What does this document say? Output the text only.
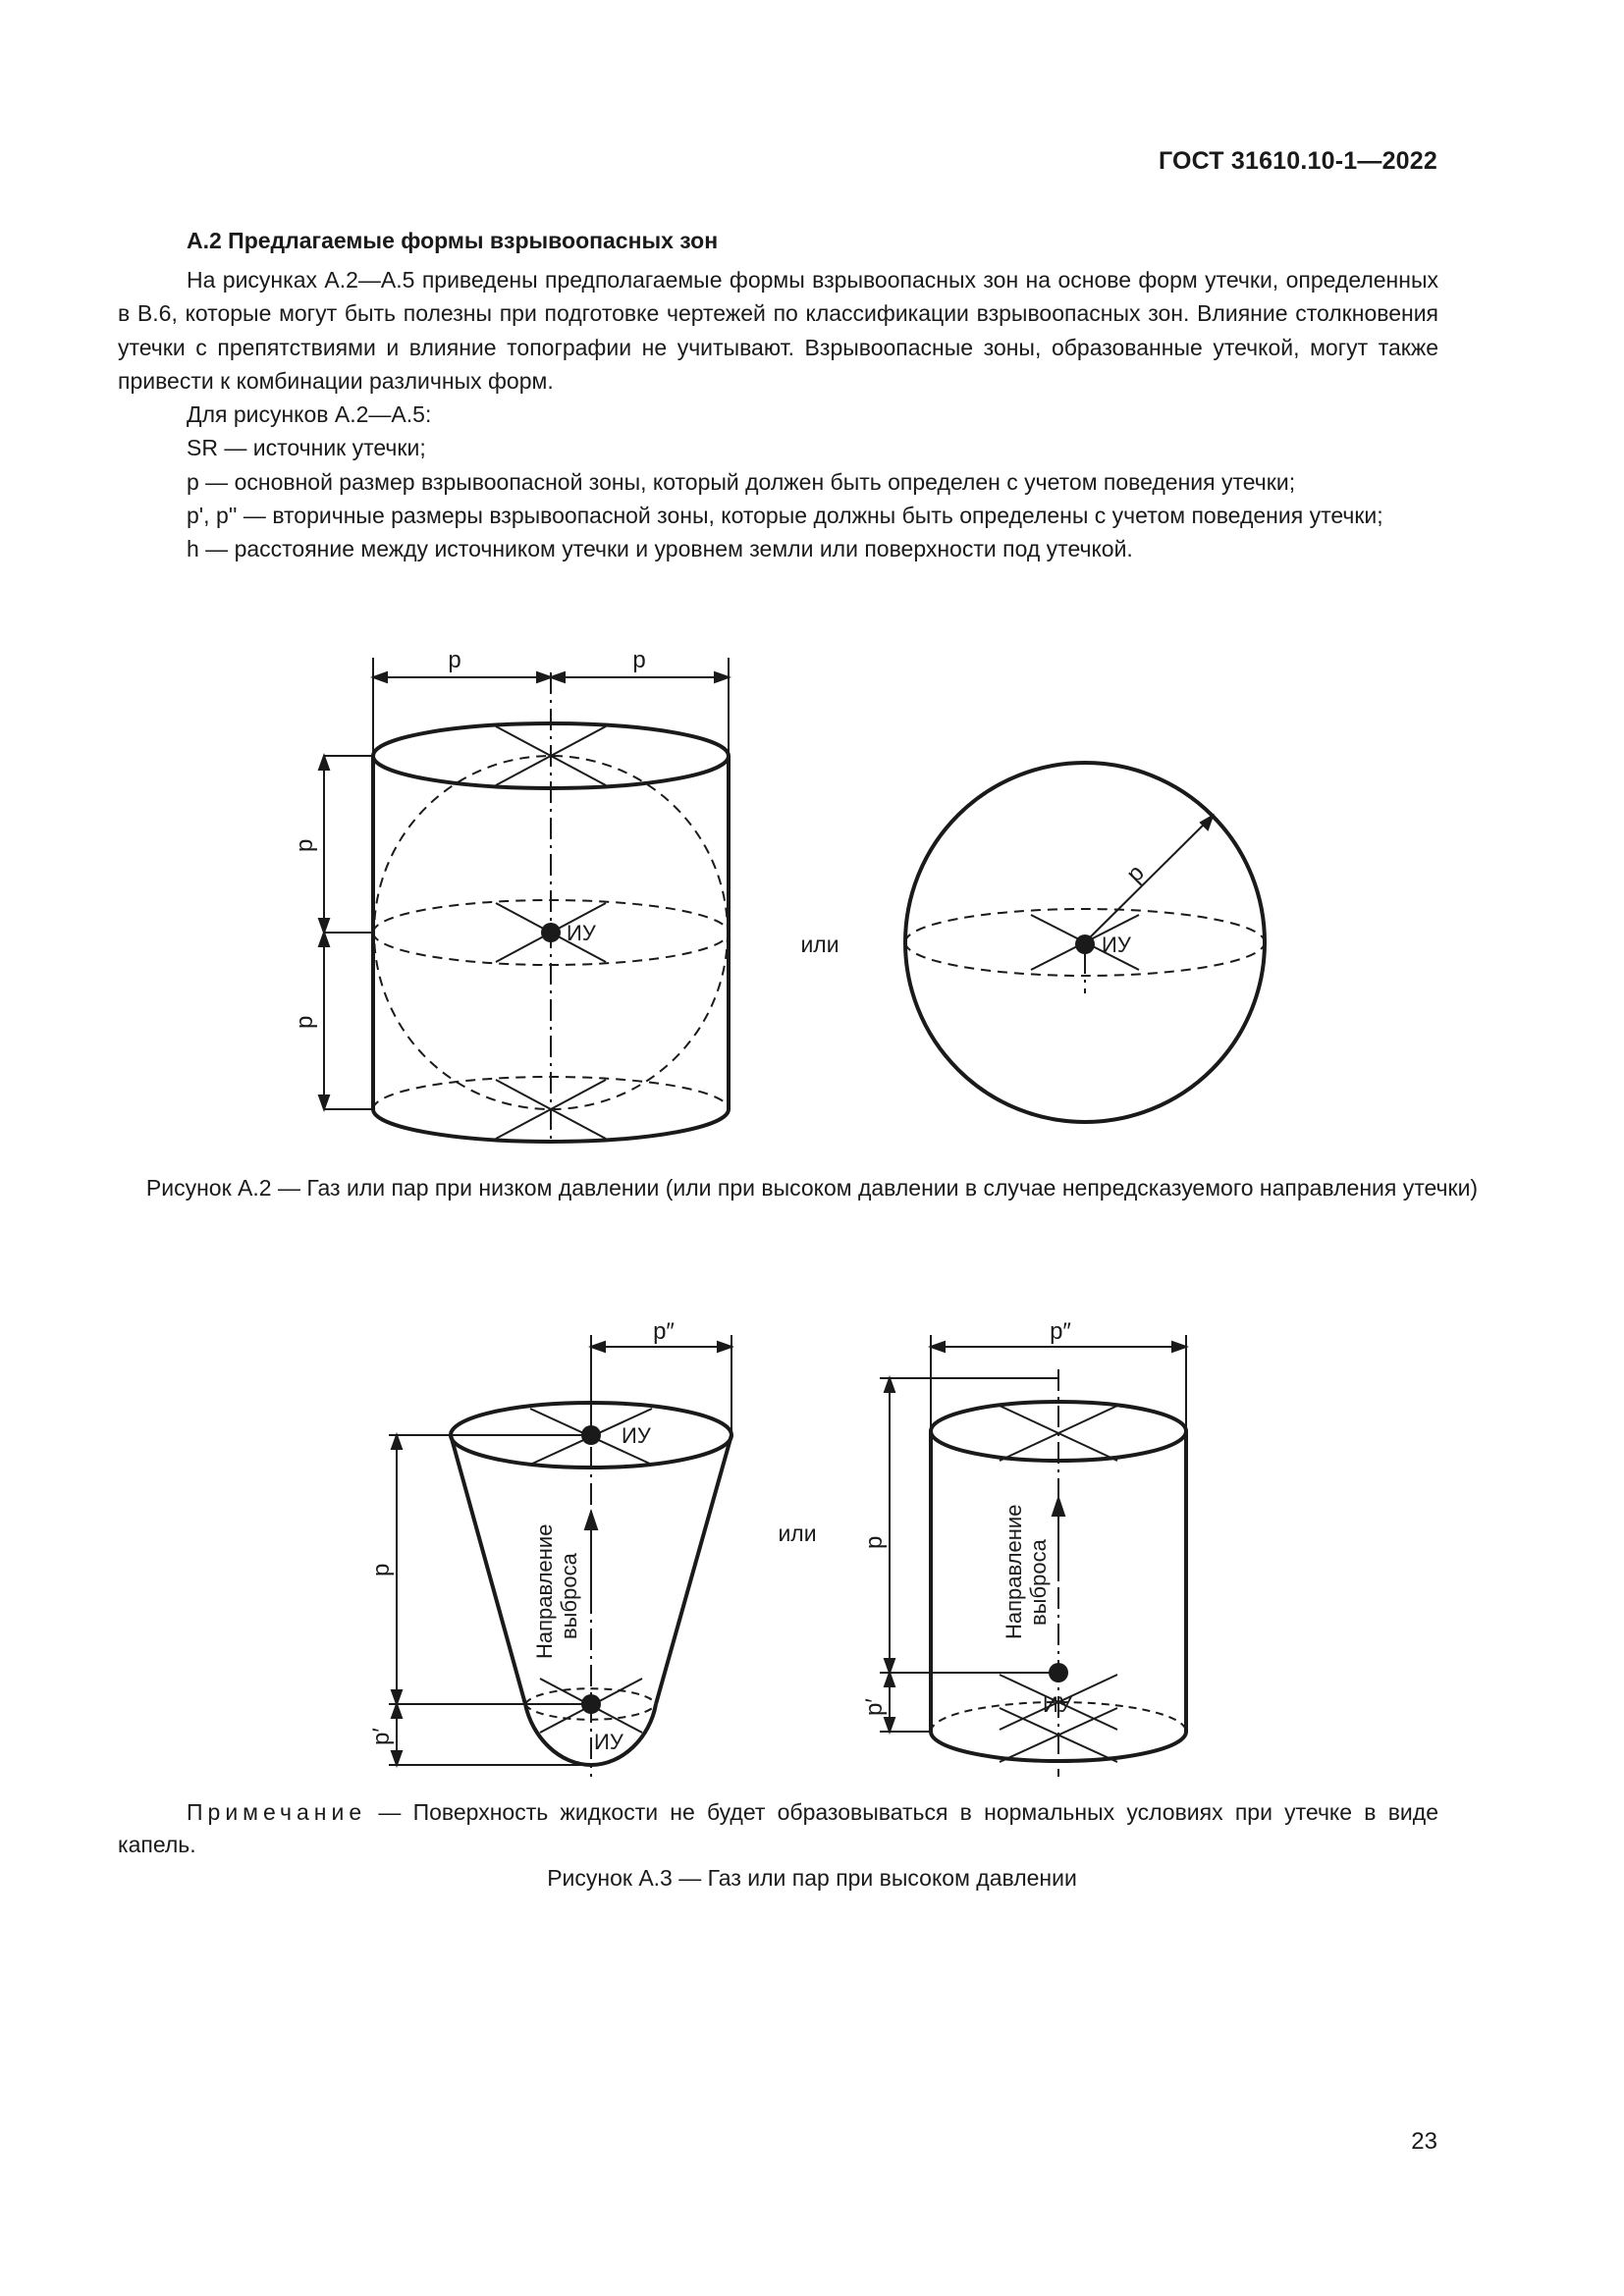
ГОСТ 31610.10-1—2022
А.2 Предлагаемые формы взрывоопасных зон

На рисунках А.2—А.5 приведены предполагаемые формы взрывоопасных зон на основе форм утечки, определенных в В.6, которые могут быть полезны при подготовке чертежей по классификации взрывоопасных зон. Влияние столкновения утечки с препятствиями и влияние топографии не учитывают. Взрывоопасные зоны, образованные утечкой, могут также привести к комбинации различных форм.

Для рисунков А.2—А.5:

SR — источник утечки;

p — основной размер взрывоопасной зоны, который должен быть определен с учетом поведения утечки;

p', p'' — вторичные размеры взрывоопасной зоны, которые должны быть определены с учетом поведения утечки;

h — расстояние между источником утечки и уровнем земли или поверхности под утечкой.

p	p
p
p
p
ИУ	ИУ
или
Рисунок А.2 — Газ или пар при низком давлении (или при высоком давлении в случае непредсказуемого направления утечки)
p″	p″
p
p′
p
p′
ИУ
ИУ
ИУ
Направление выброса	Направление выброса
или
Примечание — Поверхность жидкости не будет образовываться в нормальных условиях при утечке в виде капель.
Рисунок А.3 — Газ или пар при высоком давлении
23
